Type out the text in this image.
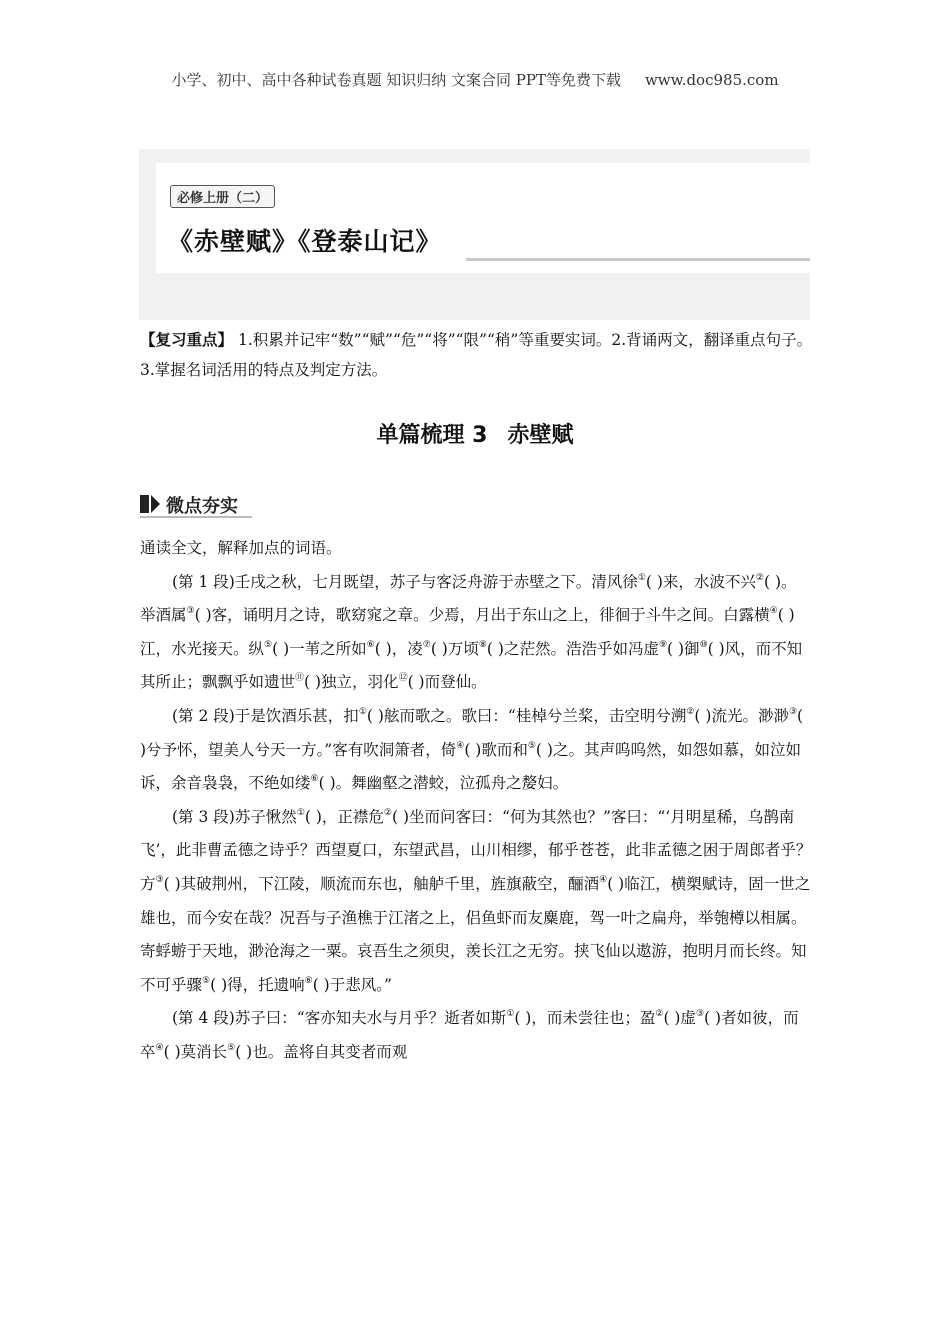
小学、初中、高中各种试卷真题 知识归纳 文案合同 PPT等免费下载 www.doc985.com
必修上册（二）
《赤壁赋》《登泰山记》
【复习重点】 1.积累并记牢“数”“赋”“危”“将”“限”“稍”等重要实词。2.背诵两文，翻译重点句子。3.掌握名词活用的特点及判定方法。
单篇梳理 3 赤壁赋
微点夯实

通读全文，解释加点的词语。

(第 1 段)壬戌之秋，七月既望，苏子与客泛舟游于赤壁之下。清风徐①( )来，水波不兴②( )。举酒属③( )客，诵明月之诗，歌窈窕之章。少焉，月出于东山之上，徘徊于斗牛之间。白露横④( )江，水光接天。纵⑤( )一苇之所如⑥( )，凌⑦( )万顷⑧( )之茫然。浩浩乎如冯虚⑨( )御⑩( )风，而不知其所止；飘飘乎如遗世⑪( )独立，羽化⑫( )而登仙。

(第 2 段)于是饮酒乐甚，扣①( )舷而歌之。歌曰：“桂棹兮兰桨，击空明兮溯②( )流光。渺渺③( )兮予怀，望美人兮天一方。”客有吹洞箫者，倚④( )歌而和⑤( )之。其声呜呜然，如怨如慕，如泣如诉，余音袅袅，不绝如缕⑥( )。舞幽壑之潜蛟，泣孤舟之嫠妇。

(第 3 段)苏子愀然①( )，正襟危②( )坐而问客曰：“何为其然也？”客曰：“‘月明星稀，乌鹊南飞’，此非曹孟德之诗乎？西望夏口，东望武昌，山川相缪，郁乎苍苍，此非孟德之困于周郎者乎？方③( )其破荆州，下江陵，顺流而东也，舳舻千里，旌旗蔽空，酾酒④( )临江，横槊赋诗，固一世之雄也，而今安在哉？况吾与子渔樵于江渚之上，侣鱼虾而友麋鹿，驾一叶之扁舟，举匏樽以相属。寄蜉蝣于天地，渺沧海之一粟。哀吾生之须臾，羡长江之无穷。挟飞仙以遨游，抱明月而长终。知不可乎骤⑤( )得，托遗响⑥( )于悲风。”

(第 4 段)苏子曰：“客亦知夫水与月乎？逝者如斯①( )，而未尝往也；盈②( )虚③( )者如彼，而卒④( )莫消长⑤( )也。盖将自其变者而观
